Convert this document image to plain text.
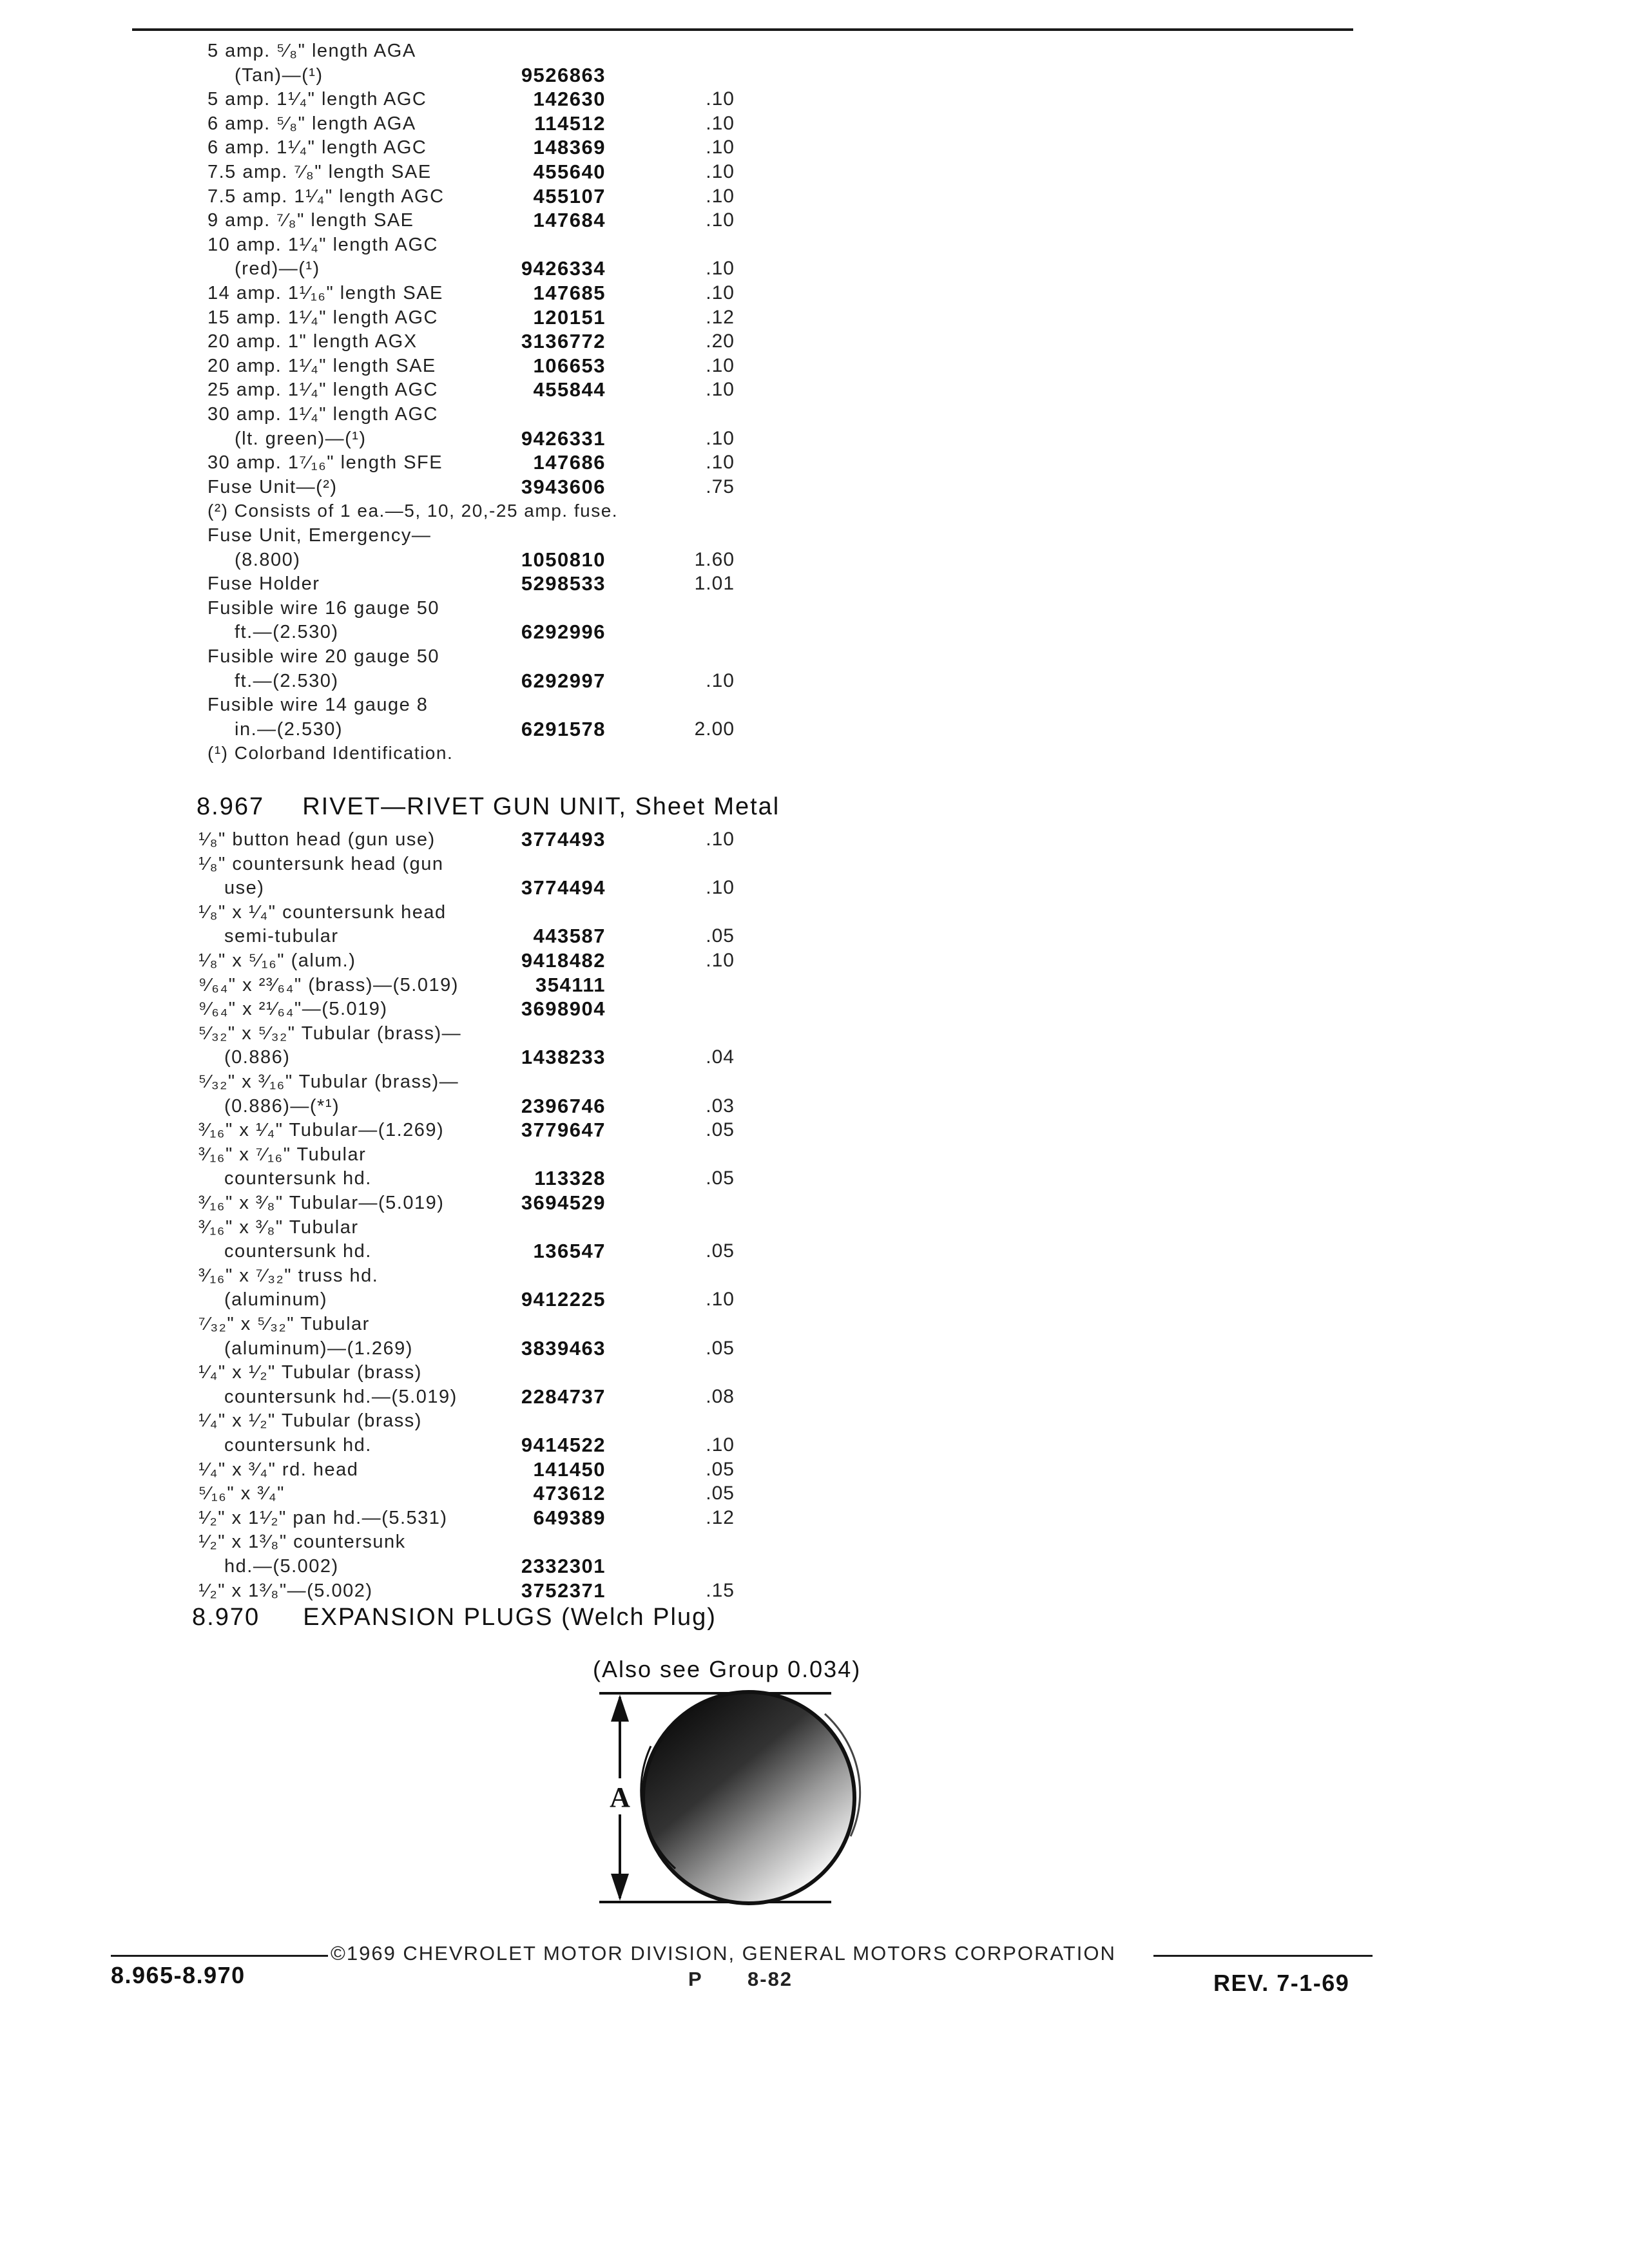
5 amp. ⁵⁄₈" length AGA
(Tan)—(¹)	9526863
5 amp. 1¹⁄₄" length AGC	142630	.10
6 amp. ⁵⁄₈" length AGA	114512	.10
6 amp. 1¹⁄₄" length AGC	148369	.10
7.5 amp. ⁷⁄₈" length SAE	455640	.10
7.5 amp. 1¹⁄₄" length AGC	455107	.10
9 amp. ⁷⁄₈" length SAE	147684	.10
10 amp. 1¹⁄₄" length AGC
(red)—(¹)	9426334	.10
14 amp. 1¹⁄₁₆" length SAE	147685	.10
15 amp. 1¹⁄₄" length AGC	120151	.12
20 amp. 1" length AGX	3136772	.20
20 amp. 1¹⁄₄" length SAE	106653	.10
25 amp. 1¹⁄₄" length AGC	455844	.10
30 amp. 1¹⁄₄" length AGC
(lt. green)—(¹)	9426331	.10
30 amp. 1⁷⁄₁₆" length SFE	147686	.10
Fuse Unit—(²)	3943606	.75
(²) Consists of 1 ea.—5, 10, 20,-25 amp. fuse.
Fuse Unit, Emergency—
(8.800)	1050810	1.60
Fuse Holder	5298533	1.01
Fusible wire 16 gauge 50
ft.—(2.530)	6292996
Fusible wire 20 gauge 50
ft.—(2.530)	6292997	.10
Fusible wire 14 gauge 8
in.—(2.530)	6291578	2.00
(¹) Colorband Identification.
¹⁄₈" button head (gun use)	3774493	.10
¹⁄₈" countersunk head (gun
use)	3774494	.10
¹⁄₈" x ¹⁄₄" countersunk head
semi-tubular	443587	.05
¹⁄₈" x ⁵⁄₁₆" (alum.)	9418482	.10
⁹⁄₆₄" x ²³⁄₆₄" (brass)—(5.019)	354111
⁹⁄₆₄" x ²¹⁄₆₄"—(5.019)	3698904
⁵⁄₃₂" x ⁵⁄₃₂" Tubular (brass)—
(0.886)	1438233	.04
⁵⁄₃₂" x ³⁄₁₆" Tubular (brass)—
(0.886)—(*¹)	2396746	.03
³⁄₁₆" x ¹⁄₄" Tubular—(1.269)	3779647	.05
³⁄₁₆" x ⁷⁄₁₆" Tubular
countersunk hd.	113328	.05
³⁄₁₆" x ³⁄₈" Tubular—(5.019)	3694529
³⁄₁₆" x ³⁄₈" Tubular
countersunk hd.	136547	.05
³⁄₁₆" x ⁷⁄₃₂" truss hd.
(aluminum)	9412225	.10
⁷⁄₃₂" x ⁵⁄₃₂" Tubular
(aluminum)—(1.269)	3839463	.05
¹⁄₄" x ¹⁄₂" Tubular (brass)
countersunk hd.—(5.019)	2284737	.08
¹⁄₄" x ¹⁄₂" Tubular (brass)
countersunk hd.	9414522	.10
¹⁄₄" x ³⁄₄" rd. head	141450	.05
⁵⁄₁₆" x ³⁄₄"	473612	.05
¹⁄₂" x 1¹⁄₂" pan hd.—(5.531)	649389	.12
¹⁄₂" x 1³⁄₈" countersunk
hd.—(5.002)	2332301
¹⁄₂" x 1³⁄₈"—(5.002)	3752371	.15
8.967 RIVET—RIVET GUN UNIT, Sheet Metal
8.970 EXPANSION PLUGS (Welch Plug)
(Also see Group 0.034)
A
©1969 CHEVROLET MOTOR DIVISION, GENERAL MOTORS CORPORATION
8.965-8.970	P 8-82	REV. 7-1-69
